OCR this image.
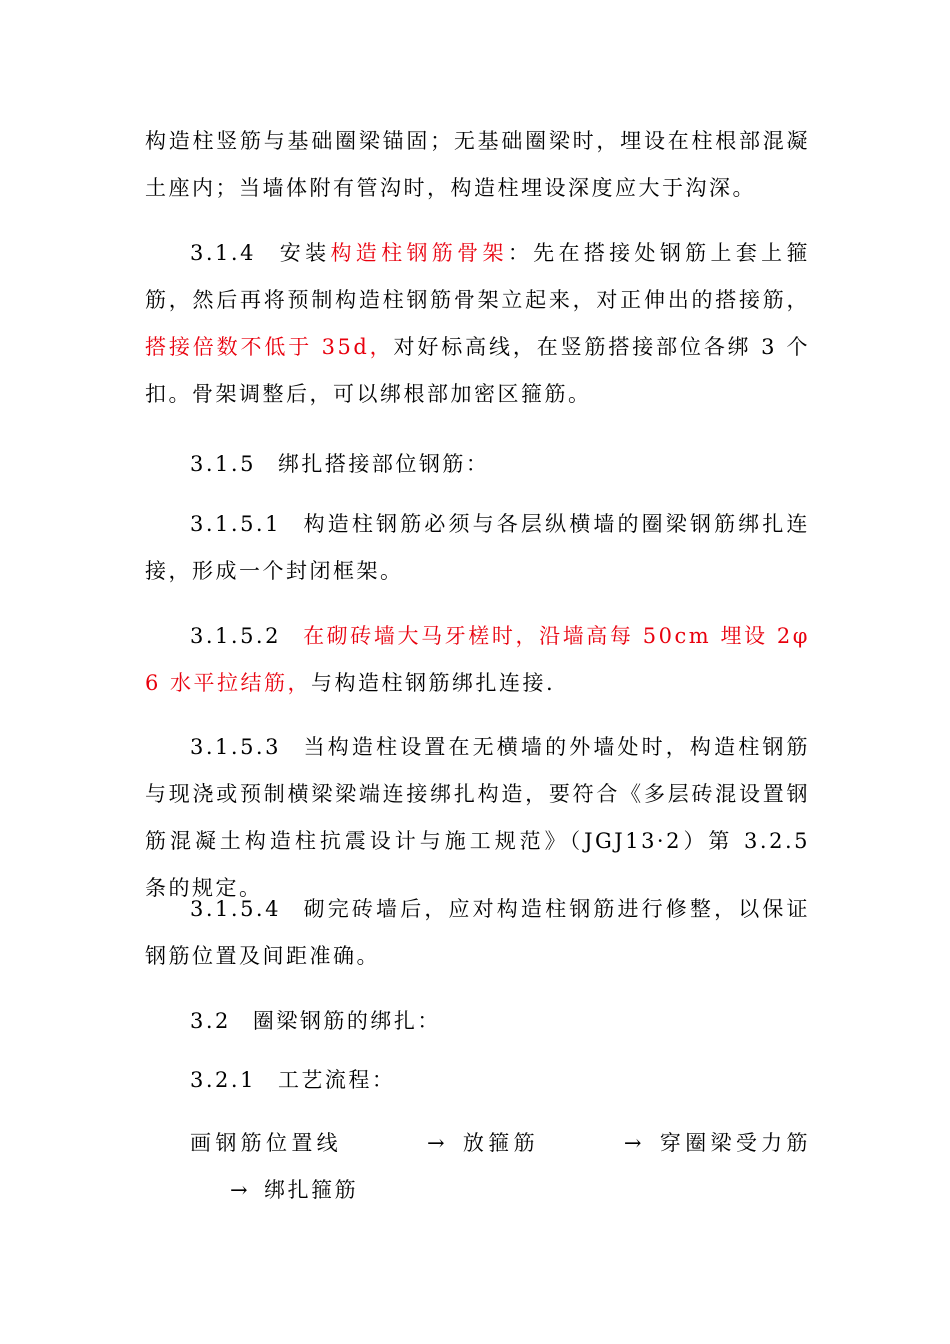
构造柱竖筋与基础圈梁锚固；无基础圈梁时，埋设在柱根部混凝土座内；当墙体附有管沟时，构造柱埋设深度应大于沟深。

3.1.4 安装构造柱钢筋骨架：先在搭接处钢筋上套上箍筋，然后再将预制构造柱钢筋骨架立起来，对正伸出的搭接筋，搭接倍数不低于 35d，对好标高线，在竖筋搭接部位各绑 3 个扣。骨架调整后，可以绑根部加密区箍筋。

3.1.5 绑扎搭接部位钢筋：

3.1.5.1 构造柱钢筋必须与各层纵横墙的圈梁钢筋绑扎连接，形成一个封闭框架。

3.1.5.2 在砌砖墙大马牙槎时，沿墙高每 50cm 埋设 2φ6 水平拉结筋，与构造柱钢筋绑扎连接.

3.1.5.3 当构造柱设置在无横墙的外墙处时，构造柱钢筋与现浇或预制横梁梁端连接绑扎构造，要符合《多层砖混设置钢筋混凝土构造柱抗震设计与施工规范》（JGJ13·2）第 3.2.5 条的规定。

3.1.5.4 砌完砖墙后，应对构造柱钢筋进行修整，以保证钢筋位置及间距准确。

3.2 圈梁钢筋的绑扎：

3.2.1 工艺流程：

画钢筋位置线	→ 放箍筋	→ 穿圈梁受力筋→ 绑扎箍筋
